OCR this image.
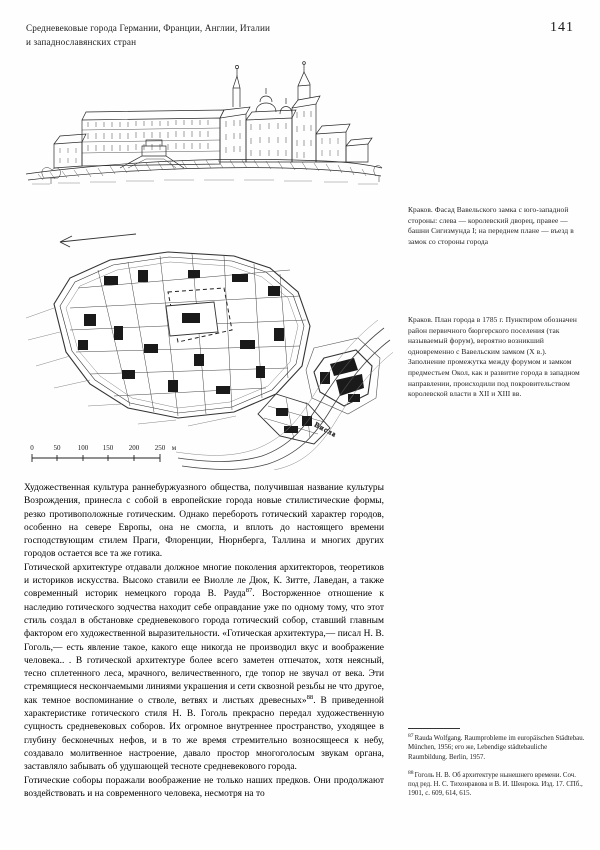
Средневековые города Германии, Франции, Англии, Италии
и западнославянских стран
141
Висла
0	50 100 150 200 250 м
Краков. Фасад Вавельского замка с юго-западной стороны: слева — королевский дворец, правее — башни Сигизмунда I; на переднем плане — въезд в замок со стороны города
Краков. План города в 1785 г. Пунктиром обозначен район первичного бюргерского поселения (так называемый форум), вероятно возникший одновременно с Вавельским замком (X в.). Заполнение промежутка между форумом и замком предместьем Окол, как и развитие города в западном направлении, происходили под покровительством королевской власти в XII и XIII вв.

Художественная культура раннебуржуазного общества, получившая название культуры Возрождения, принесла с собой в европейские города новые стилистические формы, резко противоположные готическим. Однако перебороть готический характер городов, особенно на севере Европы, она не смогла, и вплоть до настоящего времени господствующим стилем Праги, Флоренции, Нюрнберга, Таллина и многих других городов остается все та же готика.

Готической архитектуре отдавали должное многие поколения архитекторов, теоретиков и историков искусства. Высоко ставили ее Виолле ле Дюк, К. Зитте, Лаведан, а также современный историк немецкого города В. Рауда$^{87}$. Восторженное отношение к наследию готического зодчества находит себе оправдание уже по одному тому, что этот стиль создал в обстановке средневекового города готический собор, ставший главным фактором его художественной выразительности. «Готическая архитектура,— писал Н. В. Гоголь,— есть явление такое, какого еще никогда не производил вкус и воображение человека.. . В готической архитектуре более всего заметен отпечаток, хотя неясный, тесно сплетенного леса, мрачного, величественного, где топор не звучал от века. Эти стремящиеся нескончаемыми линиями украшения и сети сквозной резьбы не что другое, как темное воспоминание о стволе, ветвях и листьях древесных»$^{88}$. В приведенной характеристике готического стиля Н. В. Гоголь прекрасно передал художественную сущность средневековых соборов. Их огромное внутреннее пространство, уходящее в глубину бесконечных нефов, и в то же время стремительно возносящееся к небу, создавало молитвенное настроение, давало простор многоголосым звукам органа, заставляло забывать об удушающей тесноте средневекового города.

Готические соборы поражали воображение не только наших предков. Они продолжают воздействовать и на современного человека, несмотря на то

$^{87}$Rauda Wolfgang. Raumprobleme im europäischen Städtebau. München, 1956; его же, Lebendige städtebauliche Raumbildung. Berlin, 1957.
$^{88}$Гоголь Н. В. Об архитектуре нынешнего времени. Соч. под ред. Н. С. Тихонравова и В. И. Шенрока. Изд. 17. СПб., 1901, с. 609, 614, 615.
